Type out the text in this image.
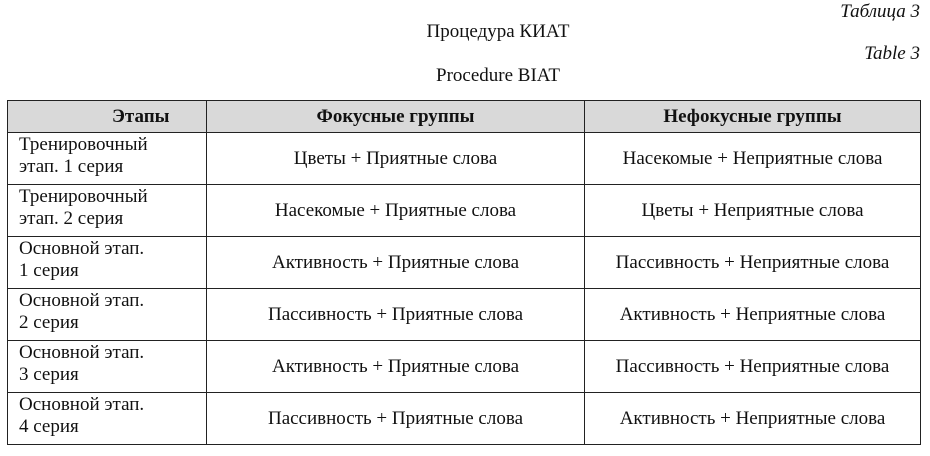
Таблица 3
Процедура КИАТ
Table 3
Procedure BIAT
Этапы	Фокусные группы	Нефокусные группы

Тренировочный
этап. 1 серия	Цветы + Приятные слова	Насекомые + Неприятные слова

Тренировочный
этап. 2 серия	Насекомые + Приятные слова	Цветы + Неприятные слова

Основной этап.
1 серия	Активность + Приятные слова	Пассивность + Неприятные слова

Основной этап.
2 серия	Пассивность + Приятные слова	Активность + Неприятные слова

Основной этап.
3 серия	Активность + Приятные слова	Пассивность + Неприятные слова

Основной этап.
4 серия	Пассивность + Приятные слова	Активность + Неприятные слова
